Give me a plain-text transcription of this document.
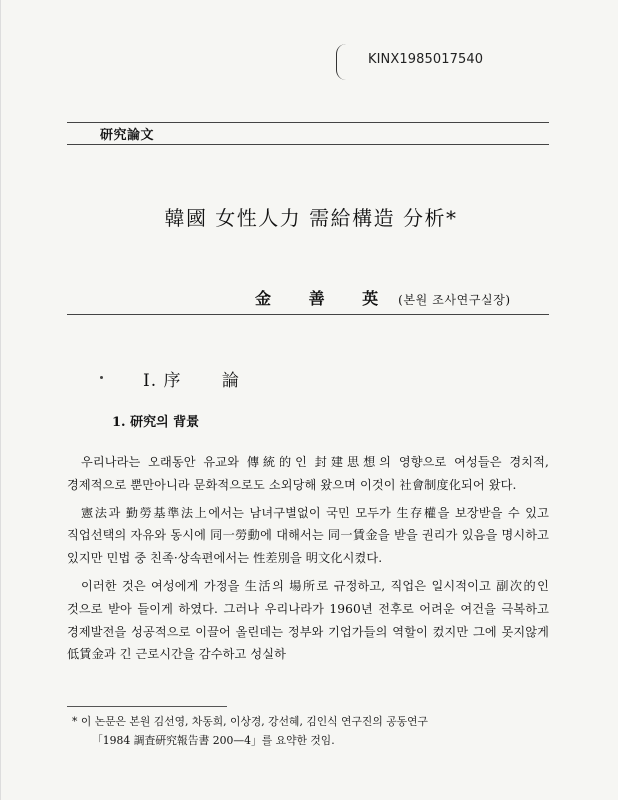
KINX1985017540
研究論文
韓國 女性人力 需給構造 分析*
金 善 英 (본원 조사연구실장)
Ⅰ. 序 論
1. 研究의 背景

우리나라는 오래동안 유교와 傳統的인 封建思想의 영향으로 여성들은 경치적, 경제적으로 뿐만아니라 문화적으로도 소외당해 왔으며 이것이 社會制度化되어 왔다.

憲法과 勤勞基準法上에서는 남녀구별없이 국민 모두가 生存權을 보장받을 수 있고 직업선택의 자유와 동시에 同一勞動에 대해서는 同一賃金을 받을 권리가 있음을 명시하고 있지만 민법 중 친족·상속편에서는 性差別을 明文化시켰다.

이러한 것은 여성에게 가정을 生活의 場所로 규정하고, 직업은 일시적이고 副次的인 것으로 받아 들이게 하였다. 그러나 우리나라가 1960년 전후로 어려운 여건을 극복하고 경제발전을 성공적으로 이끌어 올린데는 정부와 기업가들의 역할이 컸지만 그에 못지않게 低賃金과 긴 근로시간을 감수하고 성실하

* 이 논문은 본원 김선영, 차동희, 이상경, 강선혜, 김인식 연구진의 공동연구
「1984 調査硏究報告書 200—4」를 요약한 것임.
